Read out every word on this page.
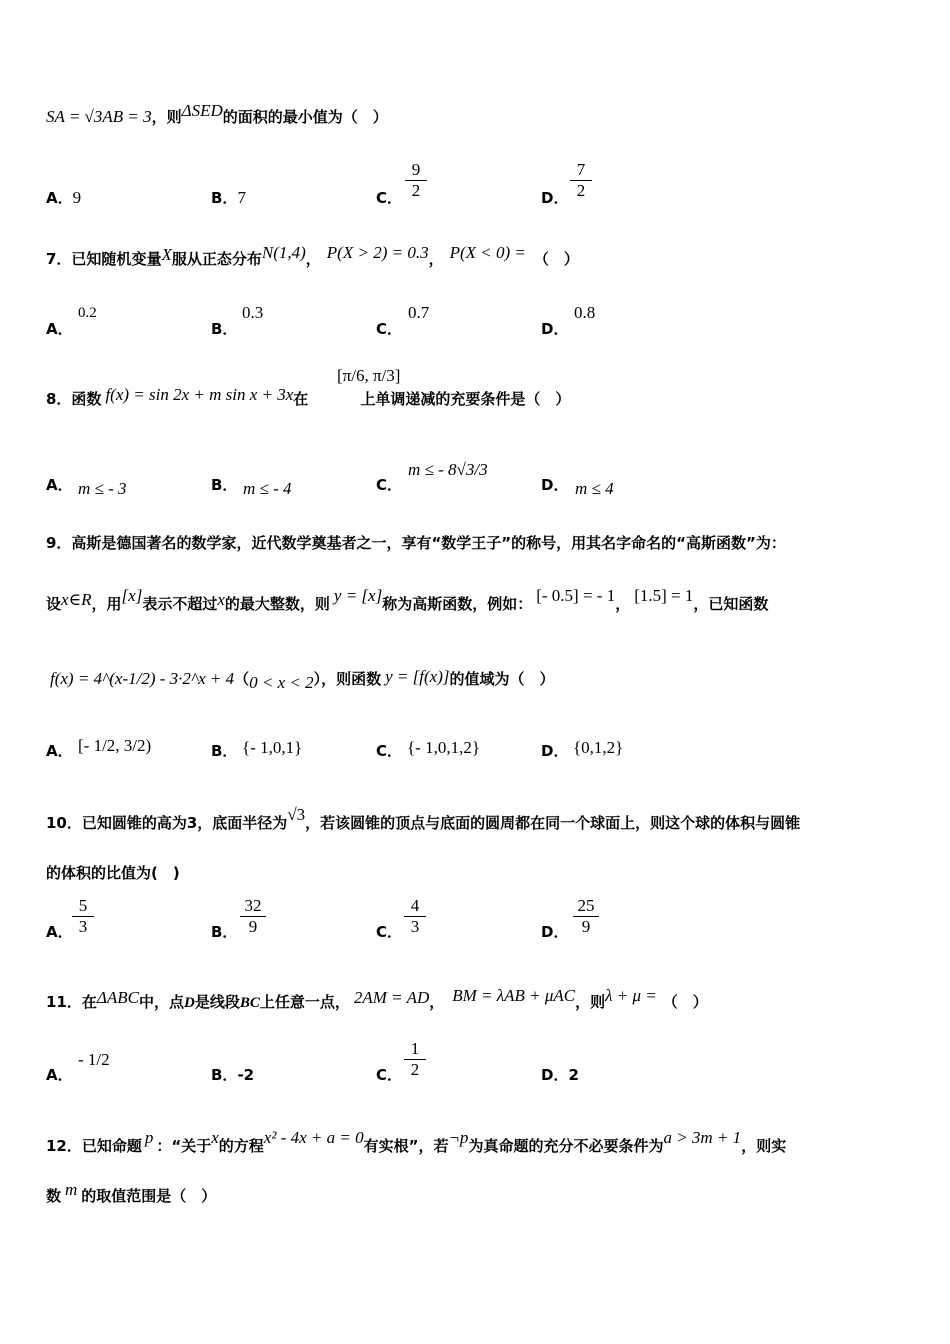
SA = √3AB = 3，则ΔSED的面积的最小值为（　）
A．9	B．7	C． $\frac{9}{2}$	D． $\frac{7}{2}$
7．已知随机变量X服从正态分布N(1,4)， P(X > 2) = 0.3， P(X < 0) = （　）
A．
0.2
B．
0.3
C．
0.7
D．
0.8
8．函数 f(x) = sin 2x + m sin x + 3x在	上单调递减的充要条件是（　）
[π/6, π/3]
A． m ≤ - 3	B． m ≤ - 4	C．
m ≤ - 8√3/3
D． m ≤ 4
9．高斯是德国著名的数学家，近代数学奠基者之一，享有“数学王子”的称号，用其名字命名的“高斯函数”为：
设x∈R，用[x]表示不超过x的最大整数，则 y = [x]称为高斯函数，例如： [- 0.5] = - 1， [1.5] = 1，已知函数
f(x) = 4^(x-1/2) - 3·2^x + 4（0 < x < 2），则函数 y = [f(x)]的值域为（　）
A． [- 1/2, 3/2)	B． {- 1,0,1}	C． {- 1,0,1,2}	D． {0,1,2}
10．已知圆锥的高为3，底面半径为√3，若该圆锥的顶点与底面的圆周都在同一个球面上，则这个球的体积与圆锥
的体积的比值为(　)
A． $\frac{5}{3}$	B． $\frac{32}{9}$	C． $\frac{4}{3}$	D． $\frac{25}{9}$
11．在ΔABC中，点D是线段BC上任意一点， 2AM = AD， BM = λAB + μAC，则λ + μ = （　）
A．
- 1/2
B．-2	C． $\frac{1}{2}$	D．2
12．已知命题 p ：“关于x的方程x² - 4x + a = 0有实根”，若¬p为真命题的充分不必要条件为a > 3m + 1，则实
数 m 的取值范围是（　）
